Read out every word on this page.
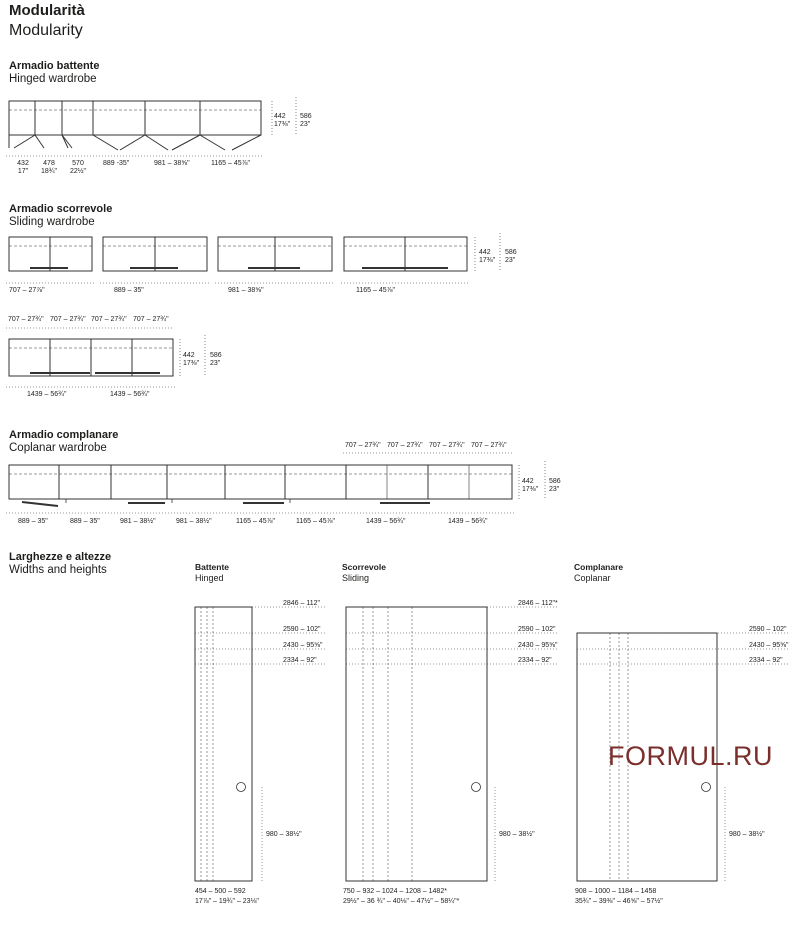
Modularità
Modularity
Armadio battente
Hinged wardrobe
442
17⅜"
586
23"
432
17"
478
18¾"
570
22½"
889 -35"	981 – 38⅝"	1165 – 45⅞"
Armadio scorrevole
Sliding wardrobe
442
17⅜"
586
23"
707 – 27⅞"	889 – 35"	981 – 38⅝"	1165 – 45⅞"
707 – 27¾" 707 – 27¾" 707 – 27¾" 707 – 27¾"
442
17⅜"
586
23"
1439 – 56¾"	1439 – 56¾"
Armadio complanare
Coplanar wardrobe	707 – 27¾" 707 – 27¾" 707 – 27¾" 707 – 27¾"
442
17⅜"
586
23"
889 – 35"	889 – 35"	981 – 38½"	981 – 38½"	1165 – 45⅞"	1165 – 45⅞"	1439 – 56¾"	1439 – 56¾"
Larghezze e altezze
Widths and heights	Battente
Hinged
Scorrevole
Sliding
Complanare
Coplanar
2846 – 112"
2590 – 102"
2430 – 95⅝"
2334 – 92"
980 – 38½"
454 – 500 – 592
17⅞" – 19¾" – 23⅛"
2846 – 112"*
2590 – 102"
2430 – 95⅝"
2334 – 92"
980 – 38½"
750 – 932 – 1024 – 1208 – 1482*
29½" – 36 ¾" – 40⅛" – 47½" – 58¼"*
2590 – 102"
2430 – 95⅝"
2334 – 92"
980 – 38½"
908 – 1000 – 1184 – 1458
35¾" – 39⅜" – 46⅝" – 57½"
FORMUL.RU
